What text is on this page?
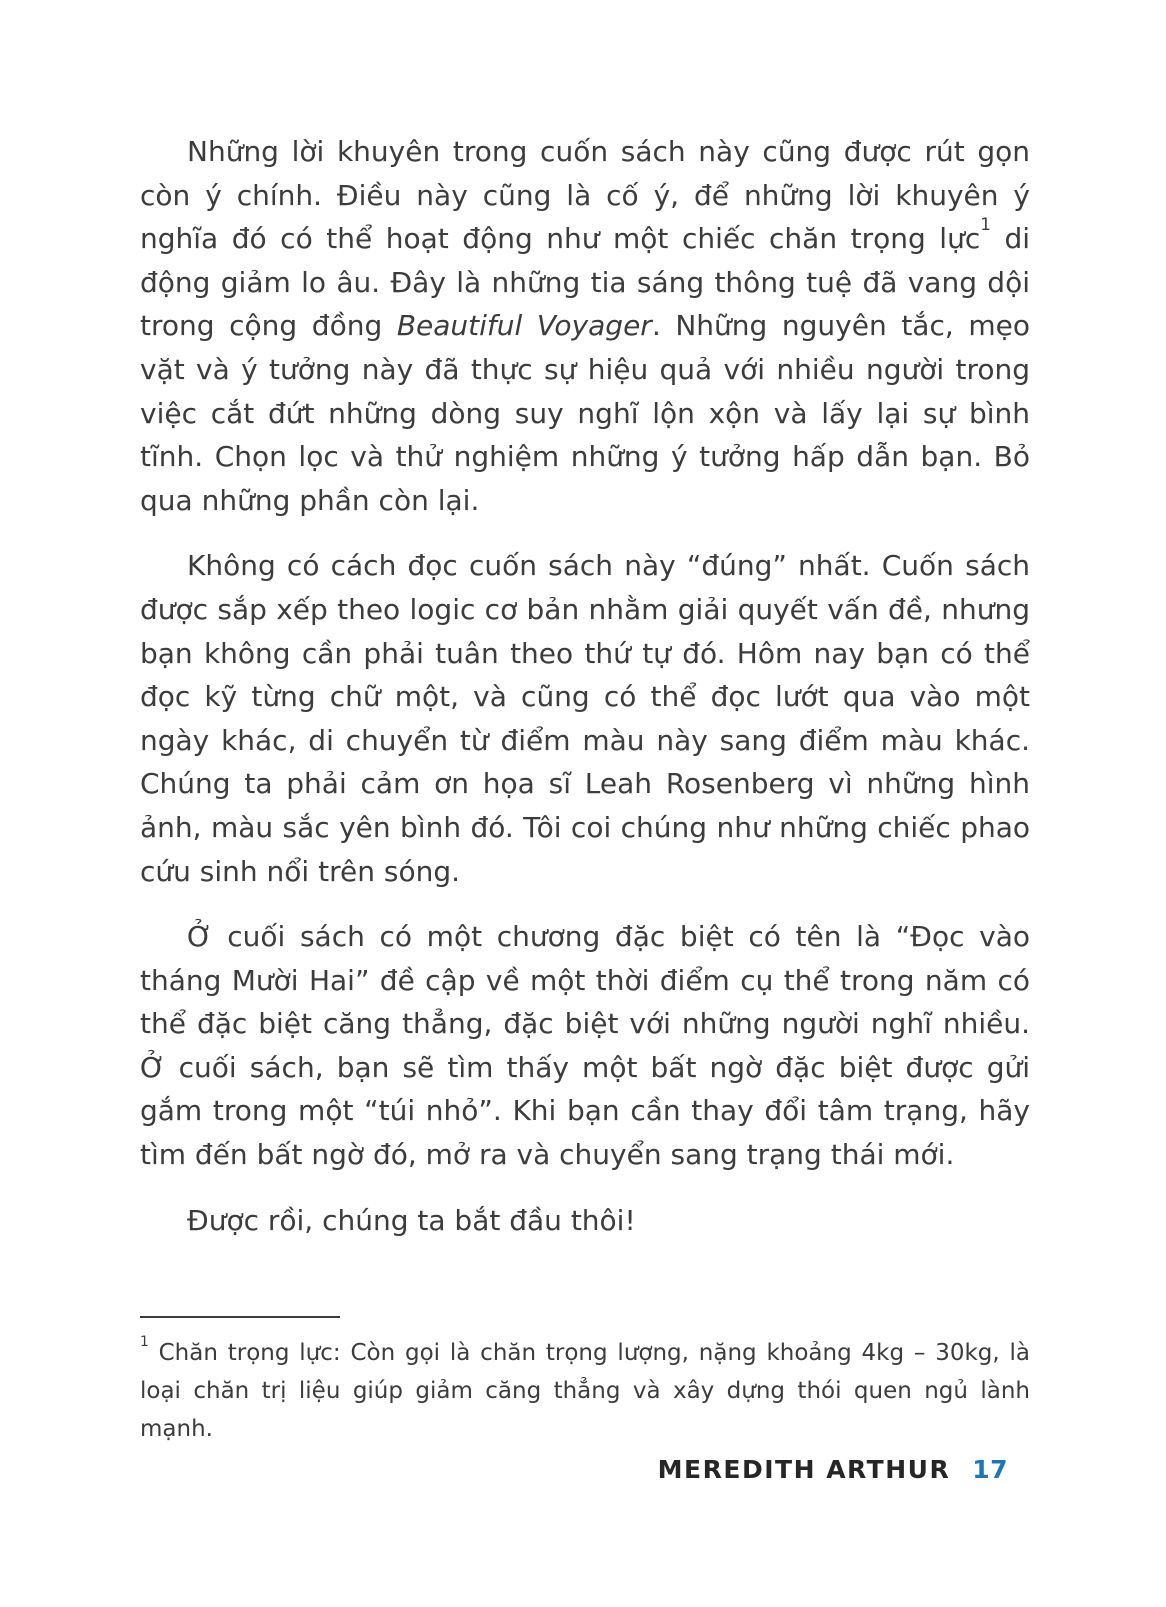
Những lời khuyên trong cuốn sách này cũng được rút gọn còn ý chính. Điều này cũng là cố ý, để những lời khuyên ý nghĩa đó có thể hoạt động như một chiếc chăn trọng lực$^1$ di động giảm lo âu. Đây là những tia sáng thông tuệ đã vang dội trong cộng đồng Beautiful Voyager. Những nguyên tắc, mẹo vặt và ý tưởng này đã thực sự hiệu quả với nhiều người trong việc cắt đứt những dòng suy nghĩ lộn xộn và lấy lại sự bình tĩnh. Chọn lọc và thử nghiệm những ý tưởng hấp dẫn bạn. Bỏ qua những phần còn lại.

Không có cách đọc cuốn sách này “đúng” nhất. Cuốn sách được sắp xếp theo logic cơ bản nhằm giải quyết vấn đề, nhưng bạn không cần phải tuân theo thứ tự đó. Hôm nay bạn có thể đọc kỹ từng chữ một, và cũng có thể đọc lướt qua vào một ngày khác, di chuyển từ điểm màu này sang điểm màu khác. Chúng ta phải cảm ơn họa sĩ Leah Rosenberg vì những hình ảnh, màu sắc yên bình đó. Tôi coi chúng như những chiếc phao cứu sinh nổi trên sóng.

Ở cuối sách có một chương đặc biệt có tên là “Đọc vào tháng Mười Hai” đề cập về một thời điểm cụ thể trong năm có thể đặc biệt căng thẳng, đặc biệt với những người nghĩ nhiều. Ở cuối sách, bạn sẽ tìm thấy một bất ngờ đặc biệt được gửi gắm trong một “túi nhỏ”. Khi bạn cần thay đổi tâm trạng, hãy tìm đến bất ngờ đó, mở ra và chuyển sang trạng thái mới.

Được rồi, chúng ta bắt đầu thôi!

$^1$ Chăn trọng lực: Còn gọi là chăn trọng lượng, nặng khoảng 4kg – 30kg, là loại chăn trị liệu giúp giảm căng thẳng và xây dựng thói quen ngủ lành mạnh.

MEREDITH ARTHUR 17
